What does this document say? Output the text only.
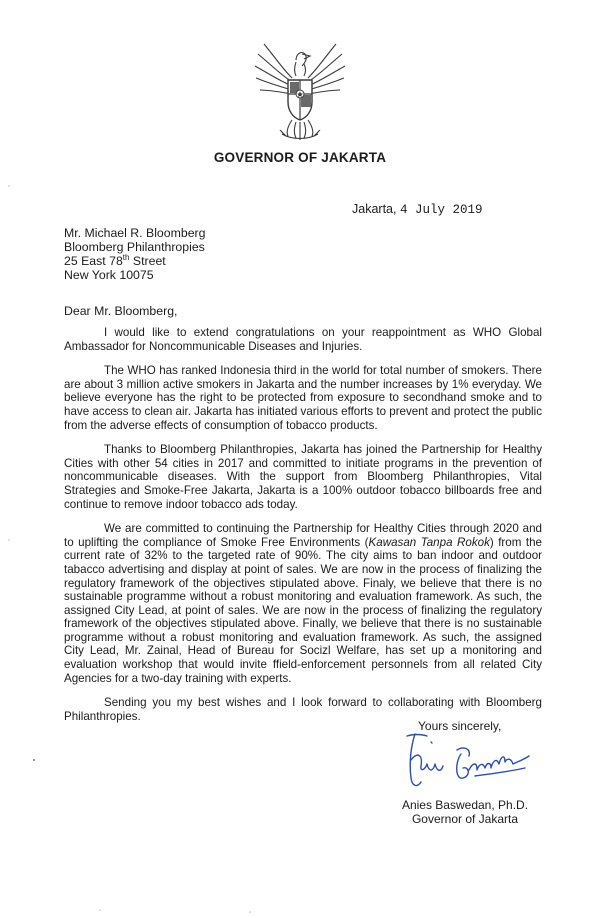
GOVERNOR OF JAKARTA
Jakarta, 4 July 2019
Mr. Michael R. Bloomberg
Bloomberg Philanthropies
25 East 78th Street
New York 10075
Dear Mr. Bloomberg,

I would like to extend congratulations on your reappointment as WHO Global Ambassador for Noncommunicable Diseases and Injuries.

The WHO has ranked Indonesia third in the world for total number of smokers. There are about 3 million active smokers in Jakarta and the number increases by 1% everyday. We believe everyone has the right to be protected from exposure to secondhand smoke and to have access to clean air. Jakarta has initiated various efforts to prevent and protect the public from the adverse effects of consumption of tobacco products.

Thanks to Bloomberg Philanthropies, Jakarta has joined the Partnership for Healthy Cities with other 54 cities in 2017 and committed to initiate programs in the prevention of noncommunicable diseases. With the support from Bloomberg Philanthropies, Vital Strategies and Smoke-Free Jakarta, Jakarta is a 100% outdoor tobacco billboards free and continue to remove indoor tobacco ads today.

We are committed to continuing the Partnership for Healthy Cities through 2020 and to uplifting the compliance of Smoke Free Environments (Kawasan Tanpa Rokok) from the current rate of 32% to the targeted rate of 90%. The city aims to ban indoor and outdoor tabacco advertising and display at point of sales. We are now in the process of finalizing the regulatory framework of the objectives stipulated above. Finaly, we believe that there is no sustainable programme without a robust monitoring and evaluation framework. As such, the assigned City Lead, at point of sales. We are now in the process of finalizing the regulatory framework of the objectives stipulated above. Finally, we believe that there is no sustainable programme without a robust monitoring and evaluation framework. As such, the assigned City Lead, Mr. Zainal, Head of Bureau for Socizl Welfare, has set up a monitoring and evaluation workshop that would invite ffield-enforcement personnels from all related City Agencies for a two-day training with experts.

Sending you my best wishes and I look forward to collaborating with Bloomberg Philanthropies.

Yours sincerely,
Anies Baswedan, Ph.D.
Governor of Jakarta
